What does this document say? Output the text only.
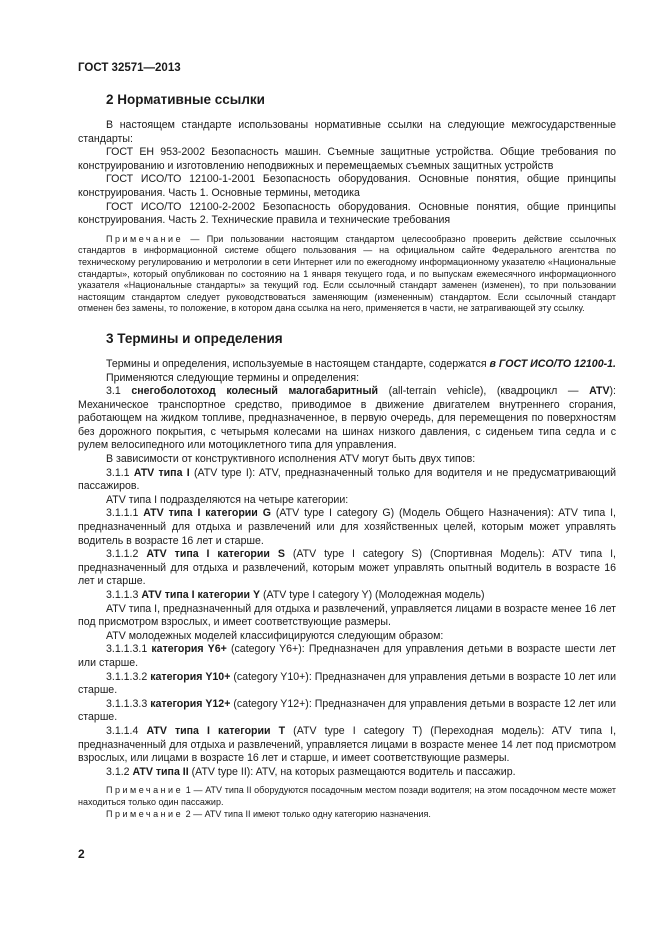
ГОСТ 32571—2013
2 Нормативные ссылки

В настоящем стандарте использованы нормативные ссылки на следующие межгосударственные стандарты:

ГОСТ ЕН 953-2002 Безопасность машин. Съемные защитные устройства. Общие требования по конструированию и изготовлению неподвижных и перемещаемых съемных защитных устройств

ГОСТ ИСО/ТО 12100-1-2001 Безопасность оборудования. Основные понятия, общие принципы конструирования. Часть 1. Основные термины, методика

ГОСТ ИСО/ТО 12100-2-2002 Безопасность оборудования. Основные понятия, общие принципы конструирования. Часть 2. Технические правила и технические требования

Примечание — При пользовании настоящим стандартом целесообразно проверить действие ссылочных стандартов в информационной системе общего пользования — на официальном сайте Федерального агентства по техническому регулированию и метрологии в сети Интернет или по ежегодному информационному указателю «Национальные стандарты», который опубликован по состоянию на 1 января текущего года, и по выпускам ежемесячного информационного указателя «Национальные стандарты» за текущий год. Если ссылочный стандарт заменен (изменен), то при пользовании настоящим стандартом следует руководствоваться заменяющим (измененным) стандартом. Если ссылочный стандарт отменен без замены, то положение, в котором дана ссылка на него, применяется в части, не затрагивающей эту ссылку.

3 Термины и определения

Термины и определения, используемые в настоящем стандарте, содержатся в ГОСТ ИСО/ТО 12100-1.

Применяются следующие термины и определения:

3.1 снегоболотоход колесный малогабаритный (all-terrain vehicle), (квадроцикл — ATV): Механическое транспортное средство, приводимое в движение двигателем внутреннего сгорания, работающем на жидком топливе, предназначенное, в первую очередь, для перемещения по поверхностям без дорожного покрытия, с четырьмя колесами на шинах низкого давления, с сиденьем типа седла и с рулем велосипедного или мотоциклетного типа для управления.

В зависимости от конструктивного исполнения ATV могут быть двух типов:

3.1.1 ATV типа I (ATV type I): ATV, предназначенный только для водителя и не предусматривающий пассажиров.

ATV типа I подразделяются на четыре категории:

3.1.1.1 ATV типа I категории G (ATV type I category G) (Модель Общего Назначения): ATV типа I, предназначенный для отдыха и развлечений или для хозяйственных целей, которым может управлять водитель в возрасте 16 лет и старше.

3.1.1.2 ATV типа I категории S (ATV type I category S) (Спортивная Модель): ATV типа I, предназначенный для отдыха и развлечений, которым может управлять опытный водитель в возрасте 16 лет и старше.

3.1.1.3 ATV типа I категории Y (ATV type I category Y) (Молодежная модель)

ATV типа I, предназначенный для отдыха и развлечений, управляется лицами в возрасте менее 16 лет под присмотром взрослых, и имеет соответствующие размеры.

ATV молодежных моделей классифицируются следующим образом:

3.1.1.3.1 категория Y6+ (category Y6+): Предназначен для управления детьми в возрасте шести лет или старше.

3.1.1.3.2 категория Y10+ (category Y10+): Предназначен для управления детьми в возрасте 10 лет или старше.

3.1.1.3.3 категория Y12+ (category Y12+): Предназначен для управления детьми в возрасте 12 лет или старше.

3.1.1.4 ATV типа I категории T (ATV type I category T) (Переходная модель): ATV типа I, предназначенный для отдыха и развлечений, управляется лицами в возрасте менее 14 лет под присмотром взрослых, или лицами в возрасте 16 лет и старше, и имеет соответствующие размеры.

3.1.2 ATV типа II (ATV type II): ATV, на которых размещаются водитель и пассажир.

Примечание 1 — ATV типа II оборудуются посадочным местом позади водителя; на этом посадочном месте может находиться только один пассажир.

Примечание 2 — ATV типа II имеют только одну категорию назначения.

2
